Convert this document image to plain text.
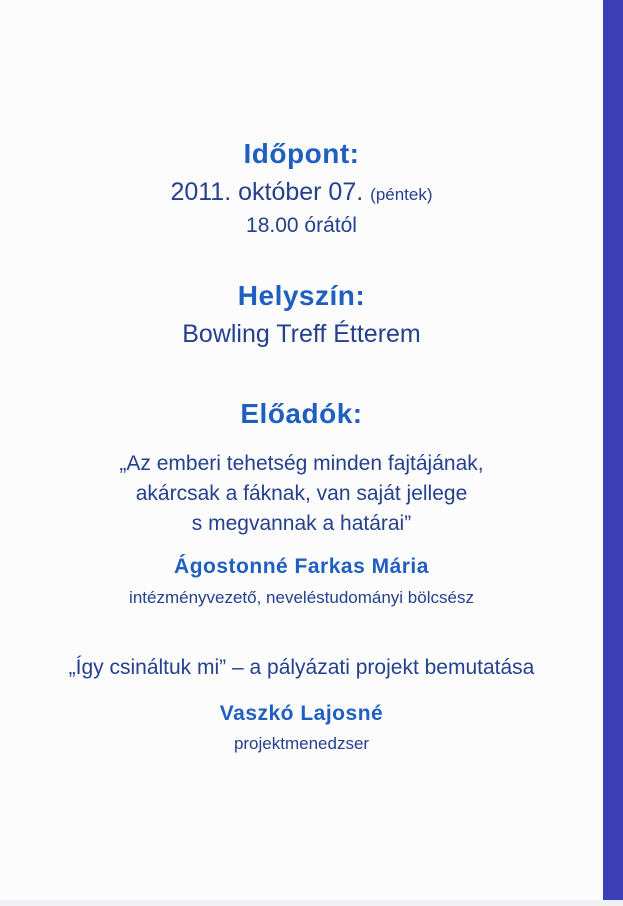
Időpont:
2011. október 07. (péntek)
18.00 órától
Helyszín:
Bowling Treff Étterem
Előadók:
„Az emberi tehetség minden fajtájának,
akárcsak a fáknak, van saját jellege
s megvannak a határai”
Ágostonné Farkas Mária
intézményvezető, neveléstudományi bölcsész
„Így csináltuk mi” – a pályázati projekt bemutatása
Vaszkó Lajosné
projektmenedzser
